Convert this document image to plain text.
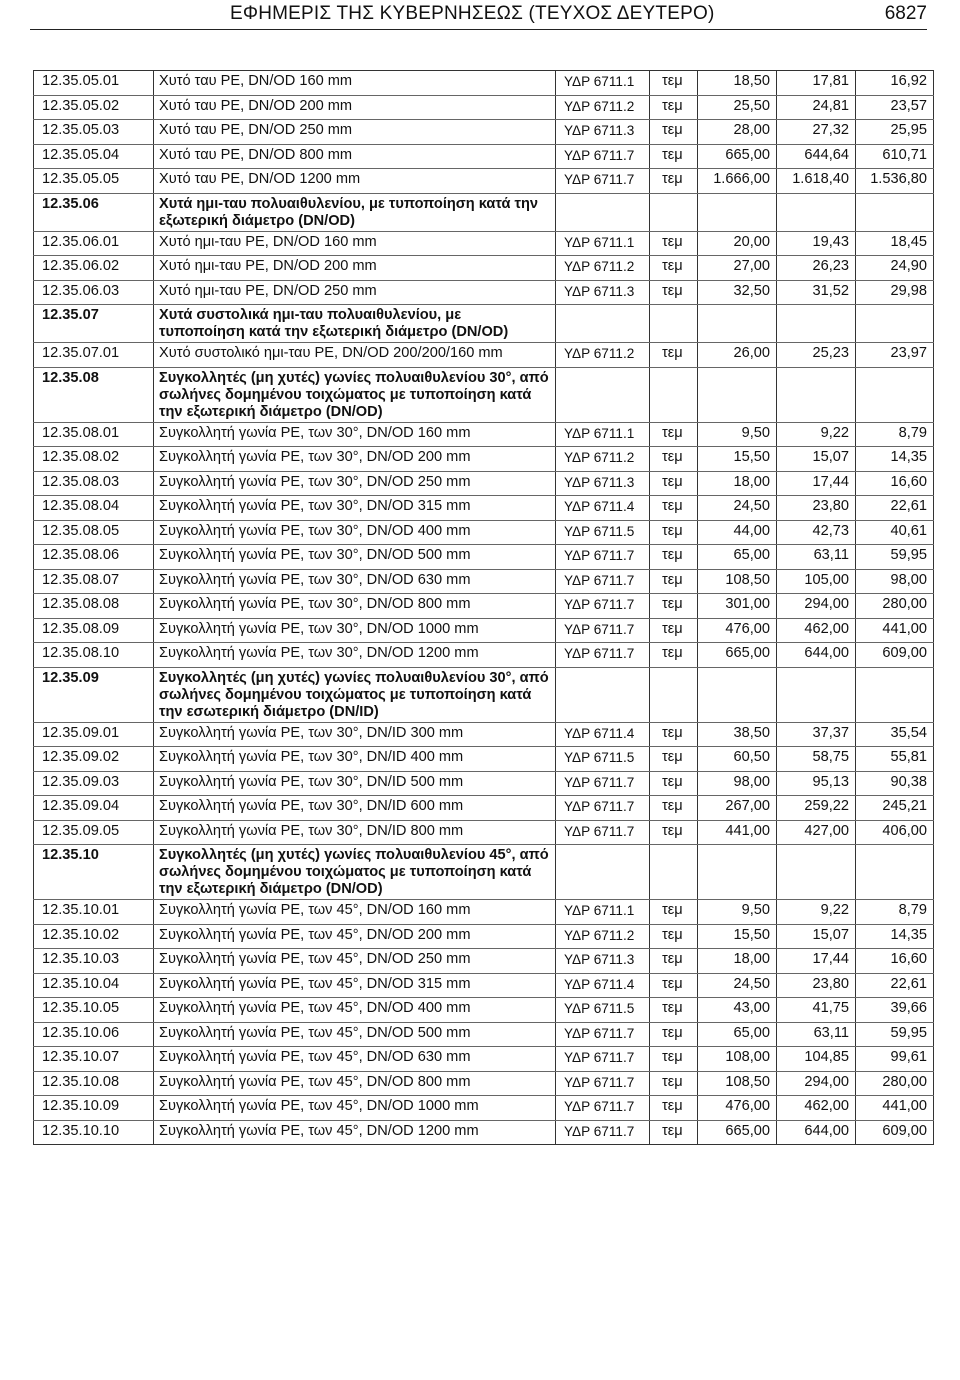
ΕΦΗΜΕΡΙΣ ΤΗΣ ΚΥΒΕΡΝΗΣΕΩΣ (ΤΕΥΧΟΣ ΔΕΥΤΕΡΟ)	6827
12.35.05.01	Χυτό ταυ PE, DN/OD 160 mm	ΥΔΡ 6711.1	τεμ	18,50	17,81	16,92
12.35.05.02	Χυτό ταυ PE, DN/OD 200 mm	ΥΔΡ 6711.2	τεμ	25,50	24,81	23,57
12.35.05.03	Χυτό ταυ PE, DN/OD 250 mm	ΥΔΡ 6711.3	τεμ	28,00	27,32	25,95
12.35.05.04	Χυτό ταυ PE, DN/OD 800 mm	ΥΔΡ 6711.7	τεμ	665,00	644,64	610,71
12.35.05.05	Χυτό ταυ PE, DN/OD 1200 mm	ΥΔΡ 6711.7	τεμ	1.666,00	1.618,40	1.536,80
12.35.06	Χυτά ημι-ταυ πολυαιθυλενίου, με τυποποίηση κατά την εξωτερική διάμετρο (DN/OD)					
12.35.06.01	Χυτό ημι-ταυ PE, DN/OD 160 mm	ΥΔΡ 6711.1	τεμ	20,00	19,43	18,45
12.35.06.02	Χυτό ημι-ταυ PE, DN/OD 200 mm	ΥΔΡ 6711.2	τεμ	27,00	26,23	24,90
12.35.06.03	Χυτό ημι-ταυ PE, DN/OD 250 mm	ΥΔΡ 6711.3	τεμ	32,50	31,52	29,98
12.35.07	Χυτά συστολικά ημι-ταυ πολυαιθυλενίου, με τυποποίηση κατά την εξωτερική διάμετρο (DN/OD)					
12.35.07.01	Χυτό συστολικό ημι-ταυ PE, DN/OD 200/200/160 mm	ΥΔΡ 6711.2	τεμ	26,00	25,23	23,97
12.35.08	Συγκολλητές (μη χυτές) γωνίες πολυαιθυλενίου 30°, από σωλήνες δομημένου τοιχώματος με τυποποίηση κατά την εξωτερική διάμετρο (DN/OD)					
12.35.08.01	Συγκολλητή γωνία PE, των 30°, DN/OD 160 mm	ΥΔΡ 6711.1	τεμ	9,50	9,22	8,79
12.35.08.02	Συγκολλητή γωνία PE, των 30°, DN/OD 200 mm	ΥΔΡ 6711.2	τεμ	15,50	15,07	14,35
12.35.08.03	Συγκολλητή γωνία PE, των 30°, DN/OD 250 mm	ΥΔΡ 6711.3	τεμ	18,00	17,44	16,60
12.35.08.04	Συγκολλητή γωνία PE, των 30°, DN/OD 315 mm	ΥΔΡ 6711.4	τεμ	24,50	23,80	22,61
12.35.08.05	Συγκολλητή γωνία PE, των 30°, DN/OD 400 mm	ΥΔΡ 6711.5	τεμ	44,00	42,73	40,61
12.35.08.06	Συγκολλητή γωνία PE, των 30°, DN/OD 500 mm	ΥΔΡ 6711.7	τεμ	65,00	63,11	59,95
12.35.08.07	Συγκολλητή γωνία PE, των 30°, DN/OD 630 mm	ΥΔΡ 6711.7	τεμ	108,50	105,00	98,00
12.35.08.08	Συγκολλητή γωνία PE, των 30°, DN/OD 800 mm	ΥΔΡ 6711.7	τεμ	301,00	294,00	280,00
12.35.08.09	Συγκολλητή γωνία PE, των 30°, DN/OD 1000 mm	ΥΔΡ 6711.7	τεμ	476,00	462,00	441,00
12.35.08.10	Συγκολλητή γωνία PE, των 30°, DN/OD 1200 mm	ΥΔΡ 6711.7	τεμ	665,00	644,00	609,00
12.35.09	Συγκολλητές (μη χυτές) γωνίες πολυαιθυλενίου 30°, από σωλήνες δομημένου τοιχώματος με τυποποίηση κατά την εσωτερική διάμετρο (DN/ID)					
12.35.09.01	Συγκολλητή γωνία PE, των 30°, DN/ID 300 mm	ΥΔΡ 6711.4	τεμ	38,50	37,37	35,54
12.35.09.02	Συγκολλητή γωνία PE, των 30°, DN/ID 400 mm	ΥΔΡ 6711.5	τεμ	60,50	58,75	55,81
12.35.09.03	Συγκολλητή γωνία PE, των 30°, DN/ID 500 mm	ΥΔΡ 6711.7	τεμ	98,00	95,13	90,38
12.35.09.04	Συγκολλητή γωνία PE, των 30°, DN/ID 600 mm	ΥΔΡ 6711.7	τεμ	267,00	259,22	245,21
12.35.09.05	Συγκολλητή γωνία PE, των 30°, DN/ID 800 mm	ΥΔΡ 6711.7	τεμ	441,00	427,00	406,00
12.35.10	Συγκολλητές (μη χυτές) γωνίες πολυαιθυλενίου 45°, από σωλήνες δομημένου τοιχώματος με τυποποίηση κατά την εξωτερική διάμετρο (DN/OD)					
12.35.10.01	Συγκολλητή γωνία PE, των 45°, DN/OD 160 mm	ΥΔΡ 6711.1	τεμ	9,50	9,22	8,79
12.35.10.02	Συγκολλητή γωνία PE, των 45°, DN/OD 200 mm	ΥΔΡ 6711.2	τεμ	15,50	15,07	14,35
12.35.10.03	Συγκολλητή γωνία PE, των 45°, DN/OD 250 mm	ΥΔΡ 6711.3	τεμ	18,00	17,44	16,60
12.35.10.04	Συγκολλητή γωνία PE, των 45°, DN/OD 315 mm	ΥΔΡ 6711.4	τεμ	24,50	23,80	22,61
12.35.10.05	Συγκολλητή γωνία PE, των 45°, DN/OD 400 mm	ΥΔΡ 6711.5	τεμ	43,00	41,75	39,66
12.35.10.06	Συγκολλητή γωνία PE, των 45°, DN/OD 500 mm	ΥΔΡ 6711.7	τεμ	65,00	63,11	59,95
12.35.10.07	Συγκολλητή γωνία PE, των 45°, DN/OD 630 mm	ΥΔΡ 6711.7	τεμ	108,00	104,85	99,61
12.35.10.08	Συγκολλητή γωνία PE, των 45°, DN/OD 800 mm	ΥΔΡ 6711.7	τεμ	108,50	294,00	280,00
12.35.10.09	Συγκολλητή γωνία PE, των 45°, DN/OD 1000 mm	ΥΔΡ 6711.7	τεμ	476,00	462,00	441,00
12.35.10.10	Συγκολλητή γωνία PE, των 45°, DN/OD 1200 mm	ΥΔΡ 6711.7	τεμ	665,00	644,00	609,00
